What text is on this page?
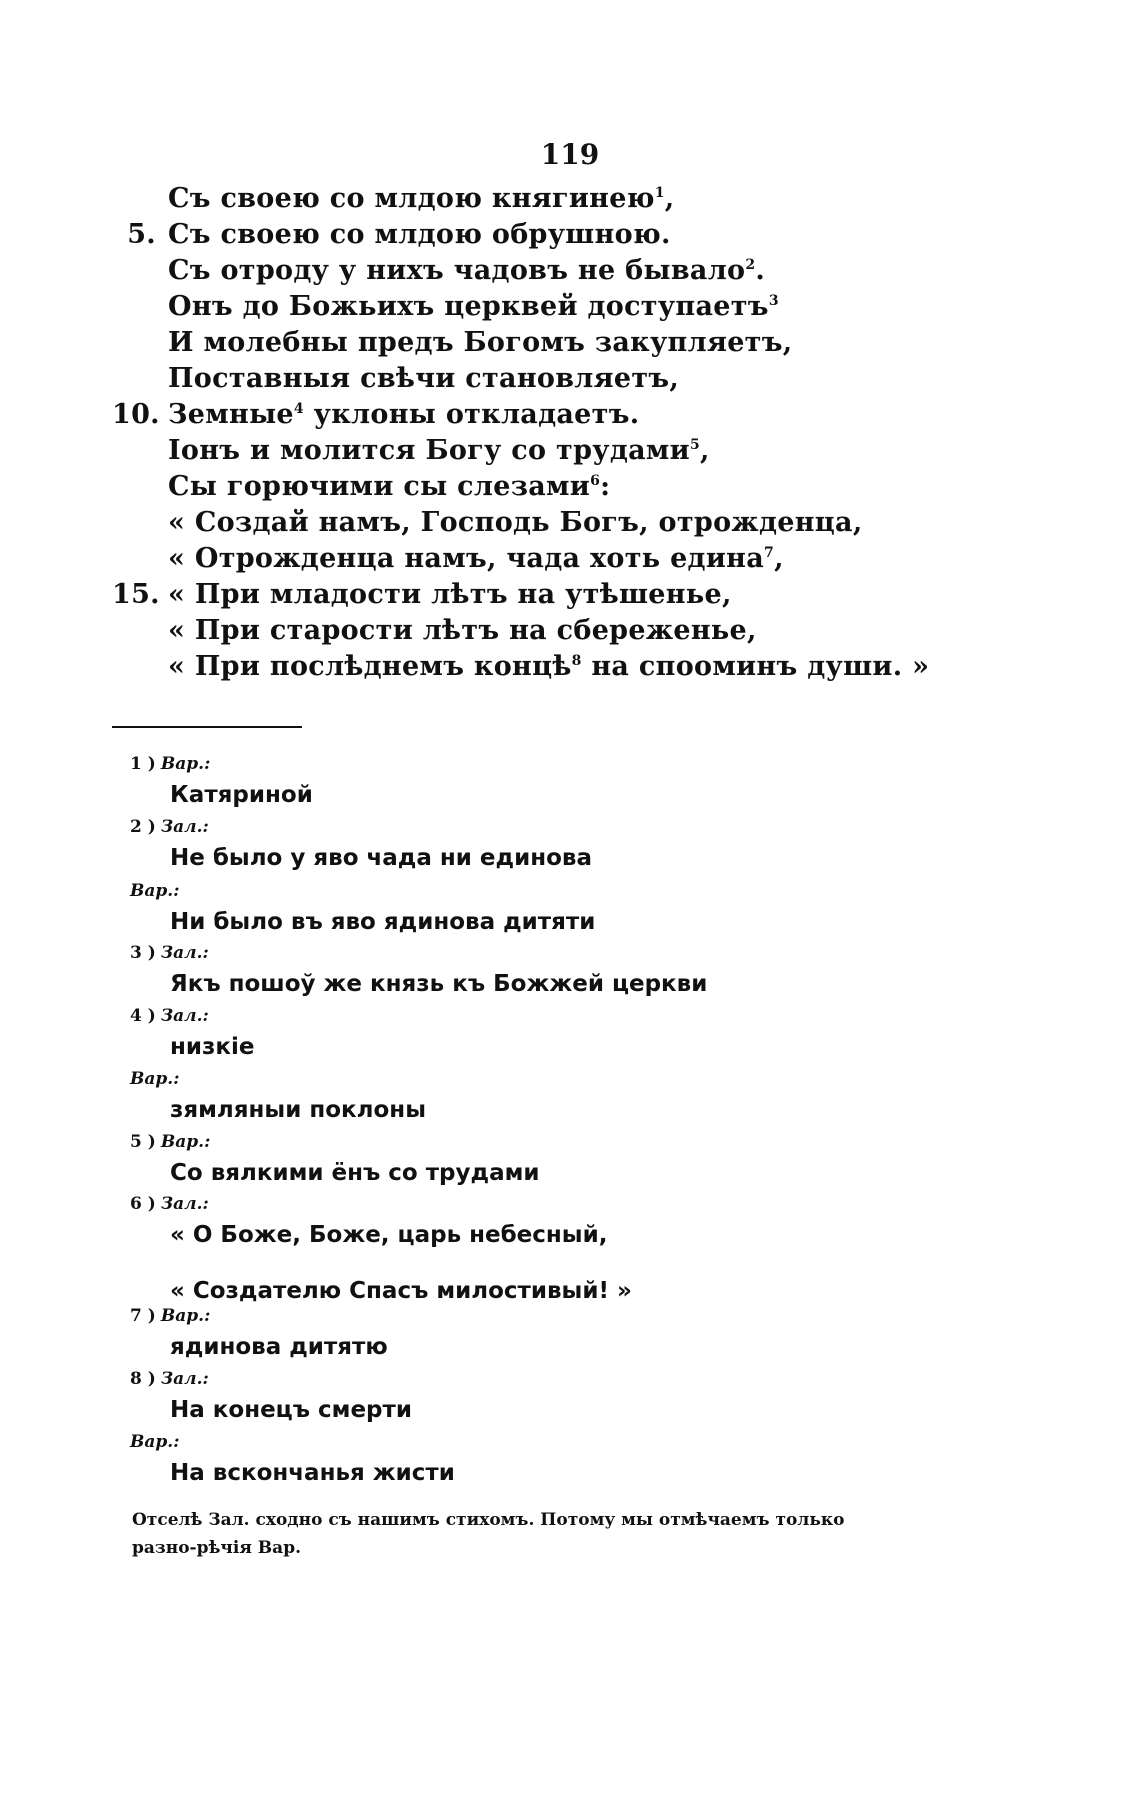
119
Съ своею со млдою княгинею$^1$,
5. Съ своею со млдою обрушною.
Съ отроду у нихъ чадовъ не бывало$^2$.
Онъ до Божьихъ церквей доступаетъ$^3$
И молебны предъ Богомъ закупляетъ,
Поставныя свѣчи становляетъ,
10. Земные$^4$ уклоны откладаетъ.
Іонъ и молится Богу со трудами$^5$,
Сы горючими сы слезами$^6$:
« Создай намъ, Господь Богъ, отрожденца,
« Отрожденца намъ, чада хоть едина$^7$,
15. « При младости лѣтъ на утѣшенье,
« При старости лѣтъ на сбереженье,
« При послѣднемъ концѣ$^8$ на спооминъ души. »
1 ) Вар.:
Катяриной
2 ) Зал.:
Не было у яво чада ни единова
Вар.:
Ни было въ яво ядинова дитяти
3 ) Зал.:
Якъ пошоў же князь къ Божжей церкви
4 ) Зал.:
низкіе
Вар.:
зямляныи поклоны
5 ) Вар.:
Со вялкими ёнъ со трудами
6 ) Зал.:
« О Боже, Боже, царь небесный,
« Создателю Спасъ милостивый! »
7 ) Вар.:
ядинова дитятю
8 ) Зал.:
На конецъ смерти
Вар.:
На вскончанья жисти
Отселѣ Зал. сходно съ нашимъ стихомъ. Потому мы отмѣчаемъ только разно-рѣчія Вар.
